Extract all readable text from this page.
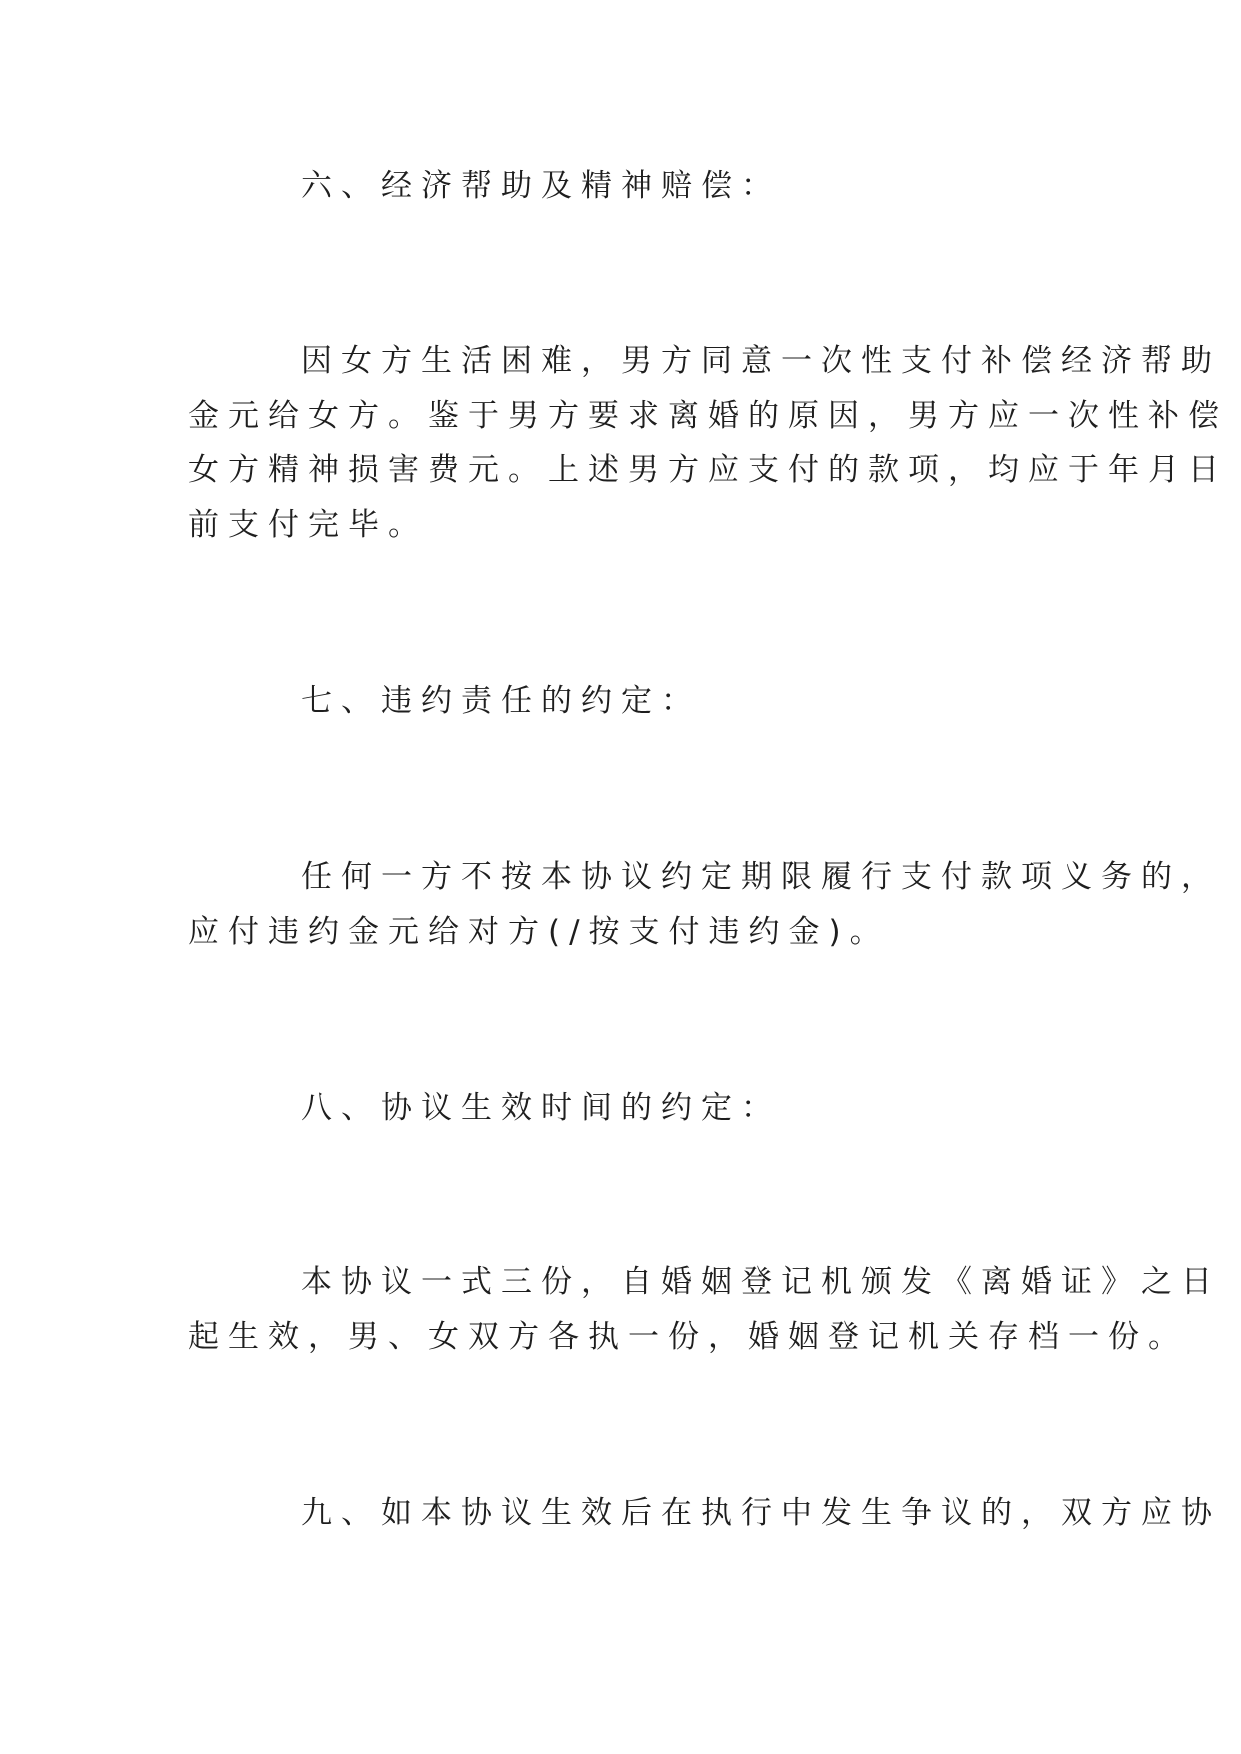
六、经济帮助及精神赔偿：
因女方生活困难，男方同意一次性支付补偿经济帮助
金元给女方。鉴于男方要求离婚的原因，男方应一次性补偿
女方精神损害费元。上述男方应支付的款项，均应于年月日
前支付完毕。
七、违约责任的约定：
任何一方不按本协议约定期限履行支付款项义务的，
应付违约金元给对方(/按支付违约金)。
八、协议生效时间的约定：
本协议一式三份，自婚姻登记机颁发《离婚证》之日
起生效，男、女双方各执一份，婚姻登记机关存档一份。
九、如本协议生效后在执行中发生争议的，双方应协
